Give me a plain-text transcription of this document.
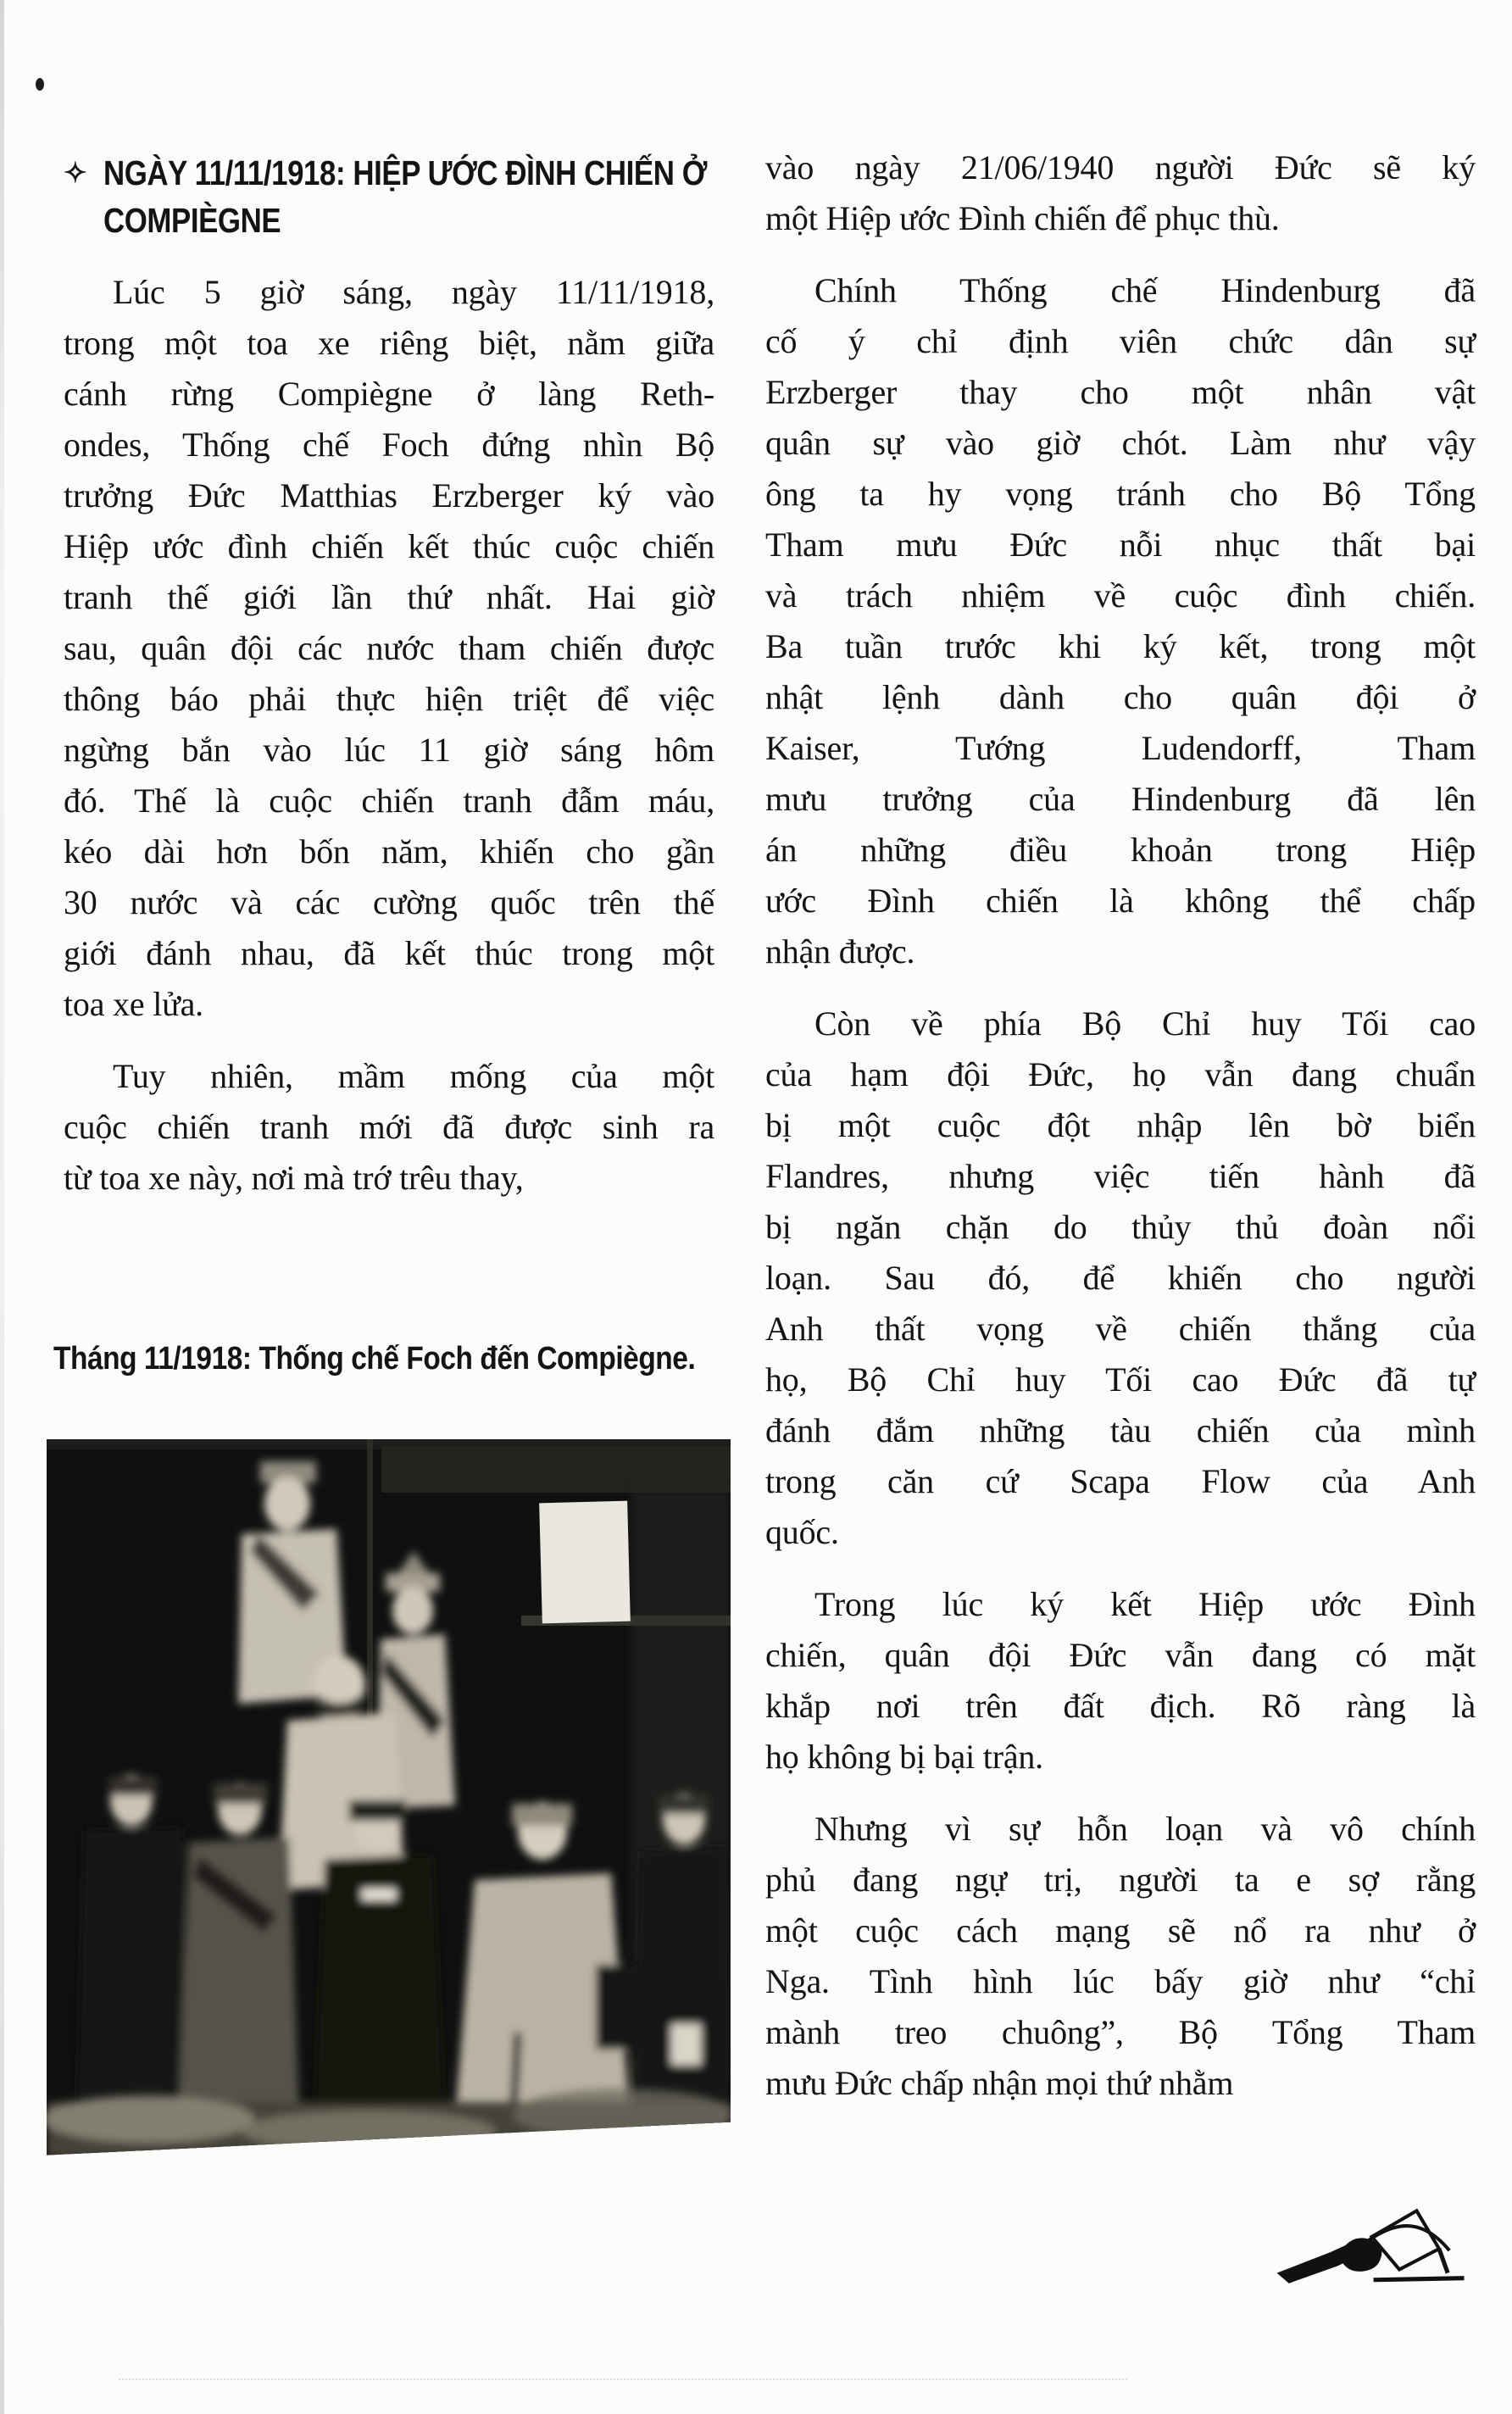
✧ NGÀY 11/11/1918: HIỆP ƯỚC ĐÌNH CHIẾN Ở
COMPIÈGNE
Lúc 5 giờ sáng, ngày 11/11/1918,
trong một toa xe riêng biệt, nằm giữa
cánh rừng Compiègne ở làng Reth-
ondes, Thống chế Foch đứng nhìn Bộ
trưởng Đức Matthias Erzberger ký vào
Hiệp ước đình chiến kết thúc cuộc chiến
tranh thế giới lần thứ nhất. Hai giờ
sau, quân đội các nước tham chiến được
thông báo phải thực hiện triệt để việc
ngừng bắn vào lúc 11 giờ sáng hôm
đó. Thế là cuộc chiến tranh đẫm máu,
kéo dài hơn bốn năm, khiến cho gần
30 nước và các cường quốc trên thế
giới đánh nhau, đã kết thúc trong một
toa xe lửa.
Tuy nhiên, mầm mống của một
cuộc chiến tranh mới đã được sinh ra
từ toa xe này, nơi mà trớ trêu thay,
Tháng 11/1918: Thống chế Foch đến Compiègne.
vào ngày 21/06/1940 người Đức sẽ ký
một Hiệp ước Đình chiến để phục thù.
Chính Thống chế Hindenburg đã
cố ý chỉ định viên chức dân sự
Erzberger thay cho một nhân vật
quân sự vào giờ chót. Làm như vậy
ông ta hy vọng tránh cho Bộ Tổng
Tham mưu Đức nỗi nhục thất bại
và trách nhiệm về cuộc đình chiến.
Ba tuần trước khi ký kết, trong một
nhật lệnh dành cho quân đội ở
Kaiser, Tướng Ludendorff, Tham
mưu trưởng của Hindenburg đã lên
án những điều khoản trong Hiệp
ước Đình chiến là không thể chấp
nhận được.
Còn về phía Bộ Chỉ huy Tối cao
của hạm đội Đức, họ vẫn đang chuẩn
bị một cuộc đột nhập lên bờ biển
Flandres, nhưng việc tiến hành đã
bị ngăn chặn do thủy thủ đoàn nổi
loạn. Sau đó, để khiến cho người
Anh thất vọng về chiến thắng của
họ, Bộ Chỉ huy Tối cao Đức đã tự
đánh đắm những tàu chiến của mình
trong căn cứ Scapa Flow của Anh
quốc.
Trong lúc ký kết Hiệp ước Đình
chiến, quân đội Đức vẫn đang có mặt
khắp nơi trên đất địch. Rõ ràng là
họ không bị bại trận.
Nhưng vì sự hỗn loạn và vô chính
phủ đang ngự trị, người ta e sợ rằng
một cuộc cách mạng sẽ nổ ra như ở
Nga. Tình hình lúc bấy giờ như “chỉ
mành treo chuông”, Bộ Tổng Tham
mưu Đức chấp nhận mọi thứ nhằm
